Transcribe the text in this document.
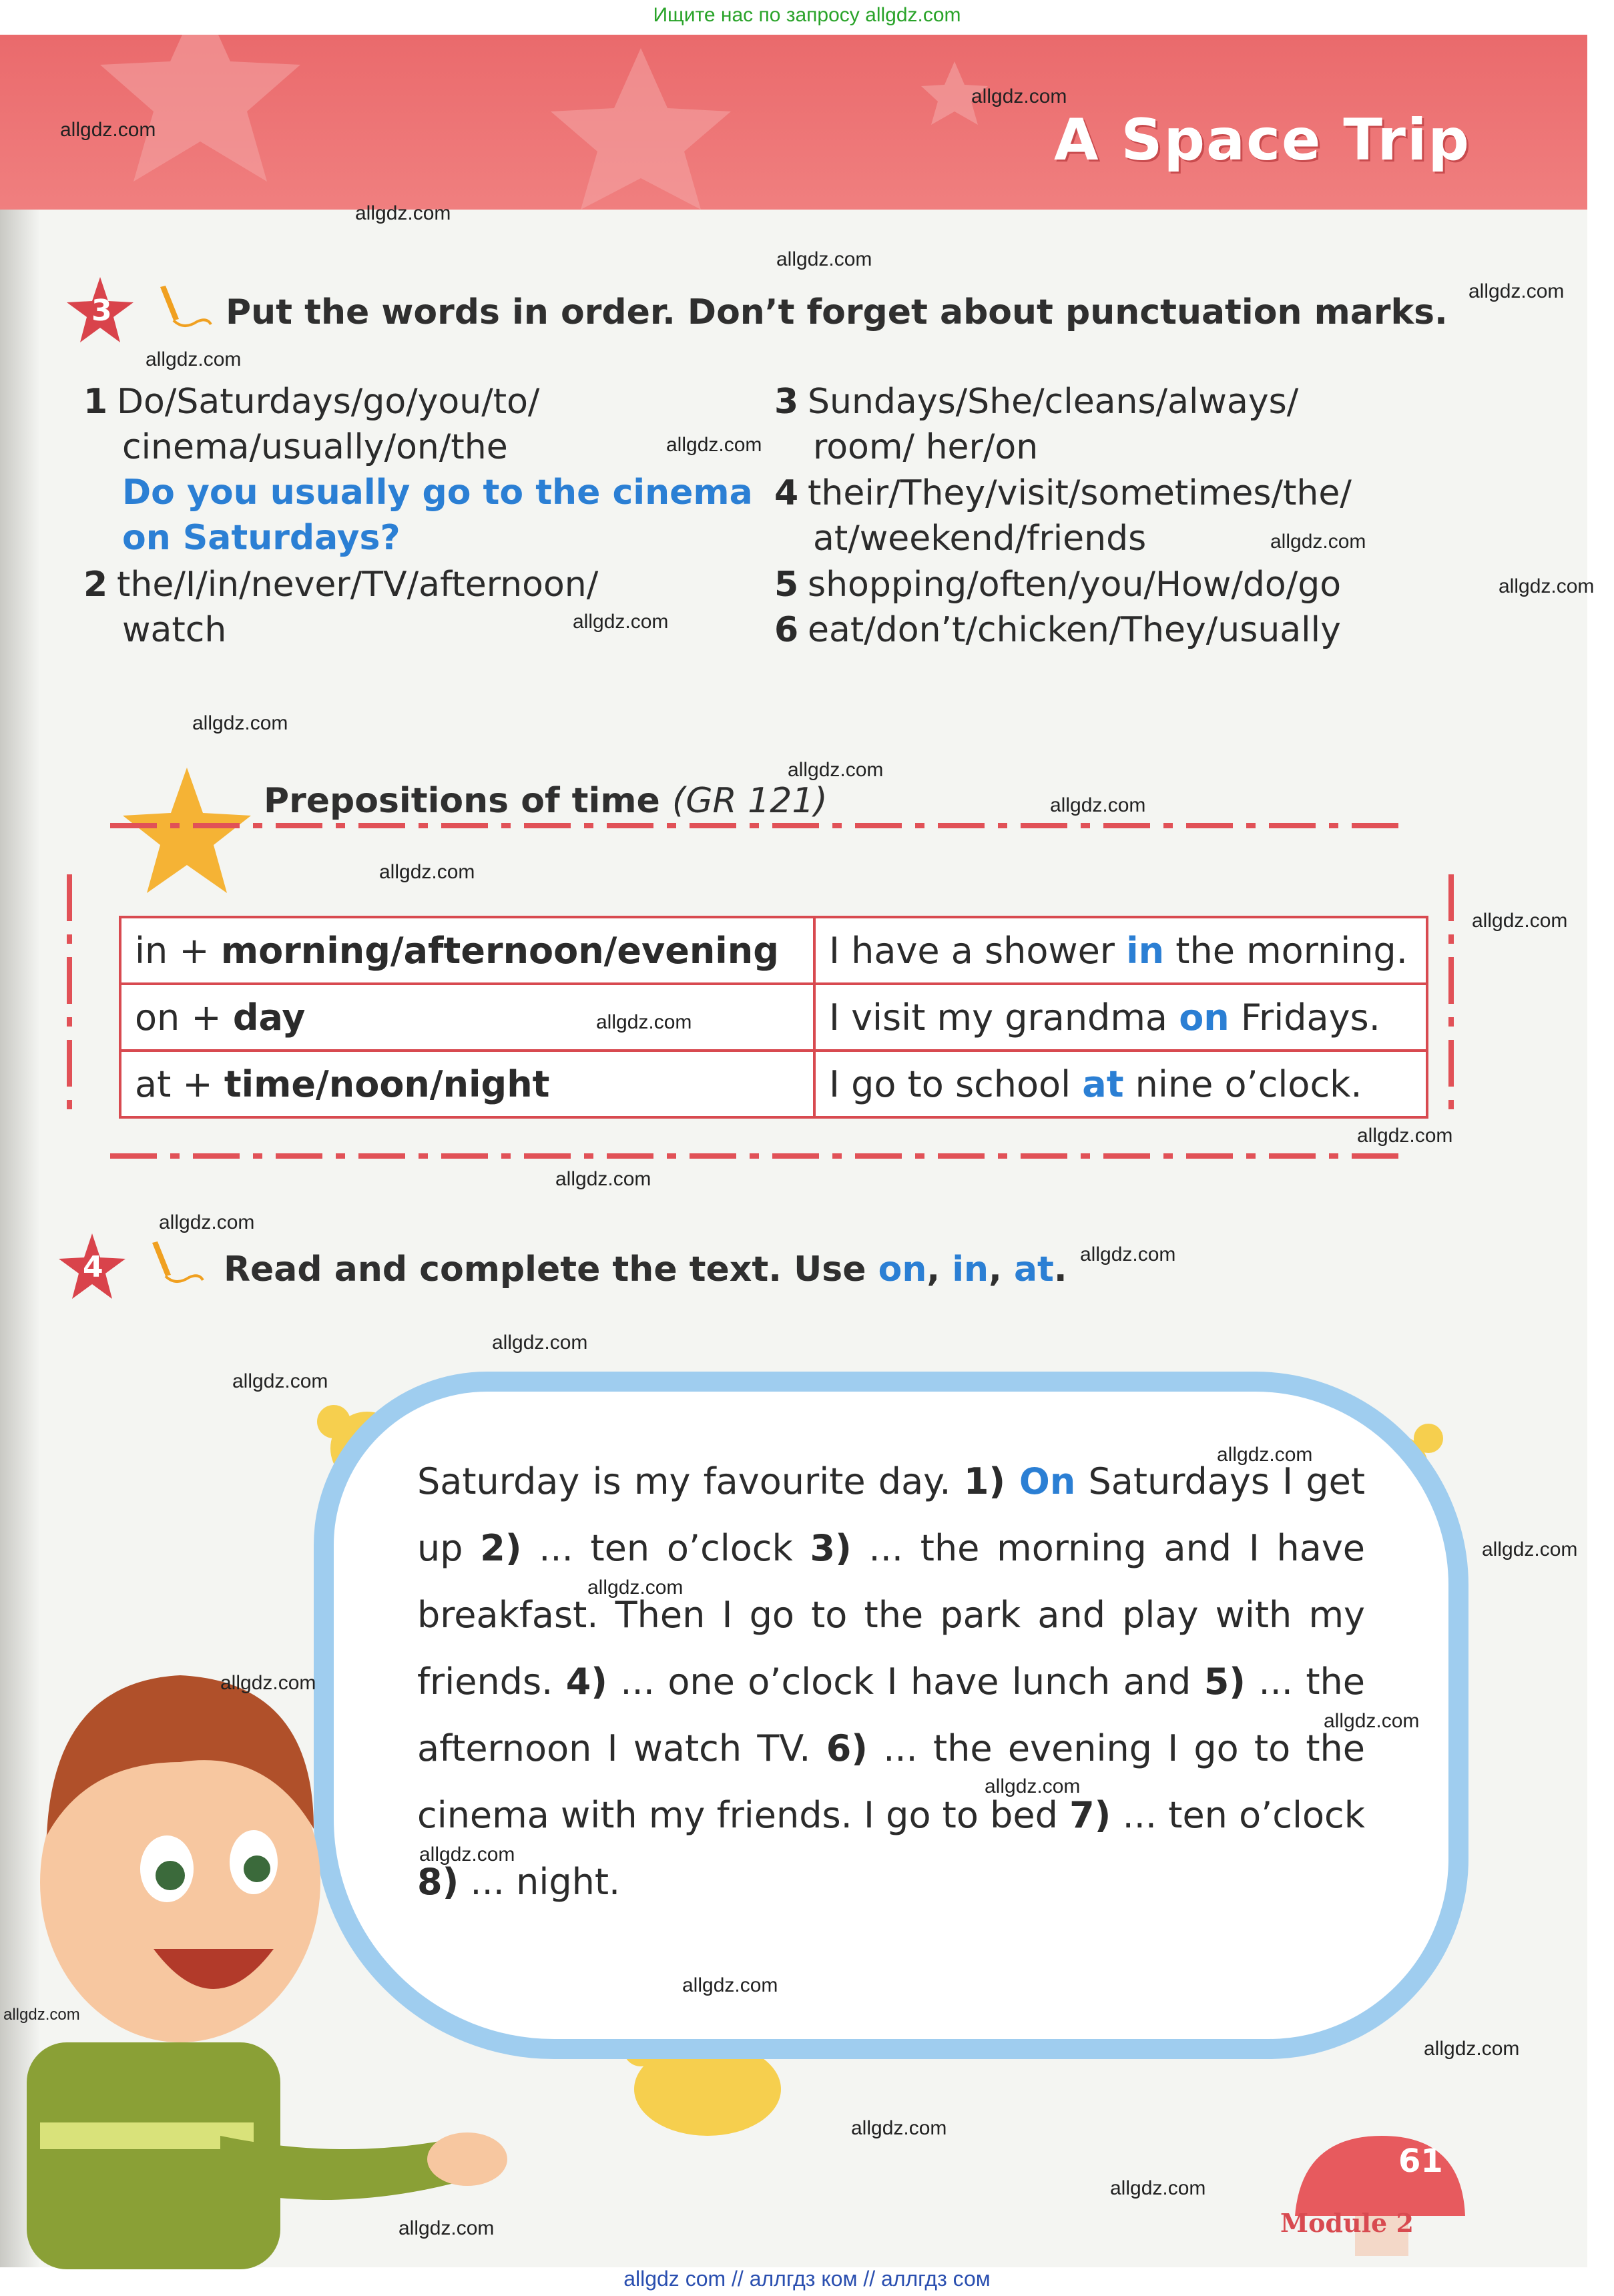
Ищите нас по запросу allgdz.com
A Space Trip
3	Put the words in order. Don’t forget about punctuation marks.
1 Do/Saturdays/go/you/to/
cinema/usually/on/the
Do you usually go to the cinema
on Saturdays?
2 the/I/in/never/TV/afternoon/
watch
3 Sundays/She/cleans/always/
room/ her/on
4 their/They/visit/sometimes/the/
at/weekend/friends
5 shopping/often/you/How/do/go
6 eat/don’t/chicken/They/usually
Prepositions of time (GR 121)
in + morning/afternoon/evening	I have a shower in the morning.
on + day	I visit my grandma on Fridays.
at + time/noon/night	I go to school at nine o’clock.
4	Read and complete the text. Use on, in, at.
Saturday is my favourite day. 1) On Saturdays I get up 2) ... ten o’clock 3) ... the morning and I have breakfast. Then I go to the park and play with my friends. 4) ... one o’clock I have lunch and 5) ... the afternoon I watch TV. 6) ... the evening I go to the cinema with my friends. I go to bed 7) ... ten o’clock 8) ... night.
61
Module 2
allgdz.com
allgdz.com
allgdz.com
allgdz.com
allgdz.com
allgdz.com
allgdz.com
allgdz.com
allgdz.com
allgdz.com
allgdz.com
allgdz.com
allgdz.com
allgdz.com
allgdz.com
allgdz.com
allgdz.com
allgdz.com
allgdz.com
allgdz.com
allgdz.com
allgdz.com
allgdz.com
allgdz.com
allgdz.com
allgdz.com
allgdz.com
allgdz.com
allgdz.com
allgdz.com
allgdz.com
allgdz.com
allgdz.com
allgdz.com
allgdz.com
allgdz com // аллгдз ком // аллгдз сом
